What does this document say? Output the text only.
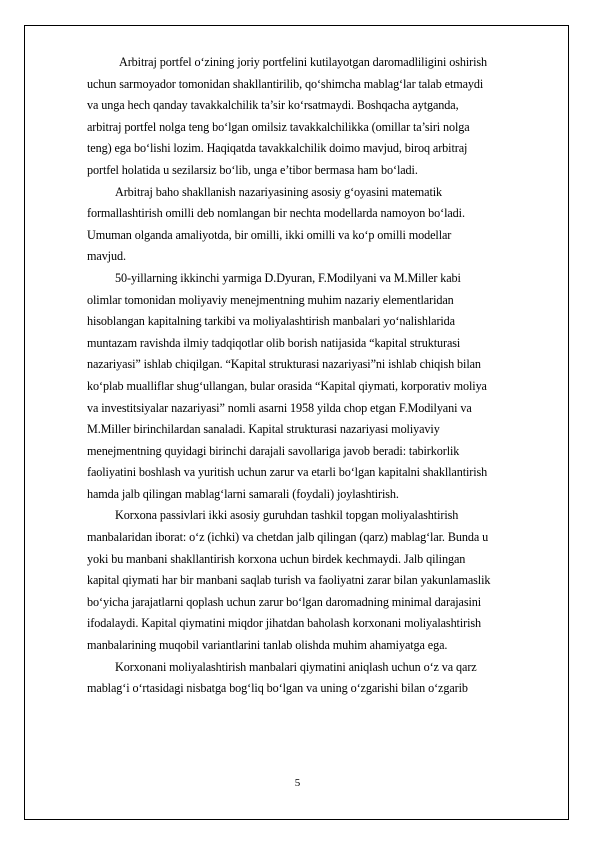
Arbitraj portfel o‘zining joriy portfelini kutilayotgan daromadliligini oshirish
uchun sarmoyador tomonidan shakllantirilib, qo‘shimcha mablag‘lar talab etmaydi
va unga hech qanday tavakkalchilik ta’sir ko‘rsatmaydi. Boshqacha aytganda,
arbitraj portfel nolga teng bo‘lgan omilsiz tavakkalchilikka (omillar ta’siri nolga
teng) ega bo‘lishi lozim. Haqiqatda tavakkalchilik doimo mavjud, biroq arbitraj
portfel holatida u sezilarsiz bo‘lib, unga e’tibor bermasa ham bo‘ladi.
Arbitraj baho shakllanish nazariyasining asosiy g‘oyasini matematik
formallashtirish omilli deb nomlangan bir nechta modellarda namoyon bo‘ladi.
Umuman olganda amaliyotda, bir omilli, ikki omilli va ko‘p omilli modellar
mavjud.
50-yillarning ikkinchi yarmiga D.Dyuran, F.Modilyani va M.Miller kabi
olimlar tomonidan moliyaviy menejmentning muhim nazariy elementlaridan
hisoblangan kapitalning tarkibi va moliyalashtirish manbalari yo‘nalishlarida
muntazam ravishda ilmiy tadqiqotlar olib borish natijasida “kapital strukturasi
nazariyasi” ishlab chiqilgan. “Kapital strukturasi nazariyasi”ni ishlab chiqish bilan
ko‘plab mualliflar shug‘ullangan, bular orasida “Kapital qiymati, korporativ moliya
va investitsiyalar nazariyasi” nomli asarni 1958 yilda chop etgan F.Modilyani va
M.Miller birinchilardan sanaladi. Kapital strukturasi nazariyasi moliyaviy
menejmentning quyidagi birinchi darajali savollariga javob beradi: tabirkorlik
faoliyatini boshlash va yuritish uchun zarur va etarli bo‘lgan kapitalni shakllantirish
hamda jalb qilingan mablag‘larni samarali (foydali) joylashtirish.
Korxona passivlari ikki asosiy guruhdan tashkil topgan moliyalashtirish
manbalaridan iborat: o‘z (ichki) va chetdan jalb qilingan (qarz) mablag‘lar. Bunda u
yoki bu manbani shakllantirish korxona uchun birdek kechmaydi. Jalb qilingan
kapital qiymati har bir manbani saqlab turish va faoliyatni zarar bilan yakunlamaslik
bo‘yicha jarajatlarni qoplash uchun zarur bo‘lgan daromadning minimal darajasini
ifodalaydi. Kapital qiymatini miqdor jihatdan baholash korxonani moliyalashtirish
manbalarining muqobil variantlarini tanlab olishda muhim ahamiyatga ega.
Korxonani moliyalashtirish manbalari qiymatini aniqlash uchun o‘z va qarz
mablag‘i o‘rtasidagi nisbatga bog‘liq bo‘lgan va uning o‘zgarishi bilan o‘zgarib
5
